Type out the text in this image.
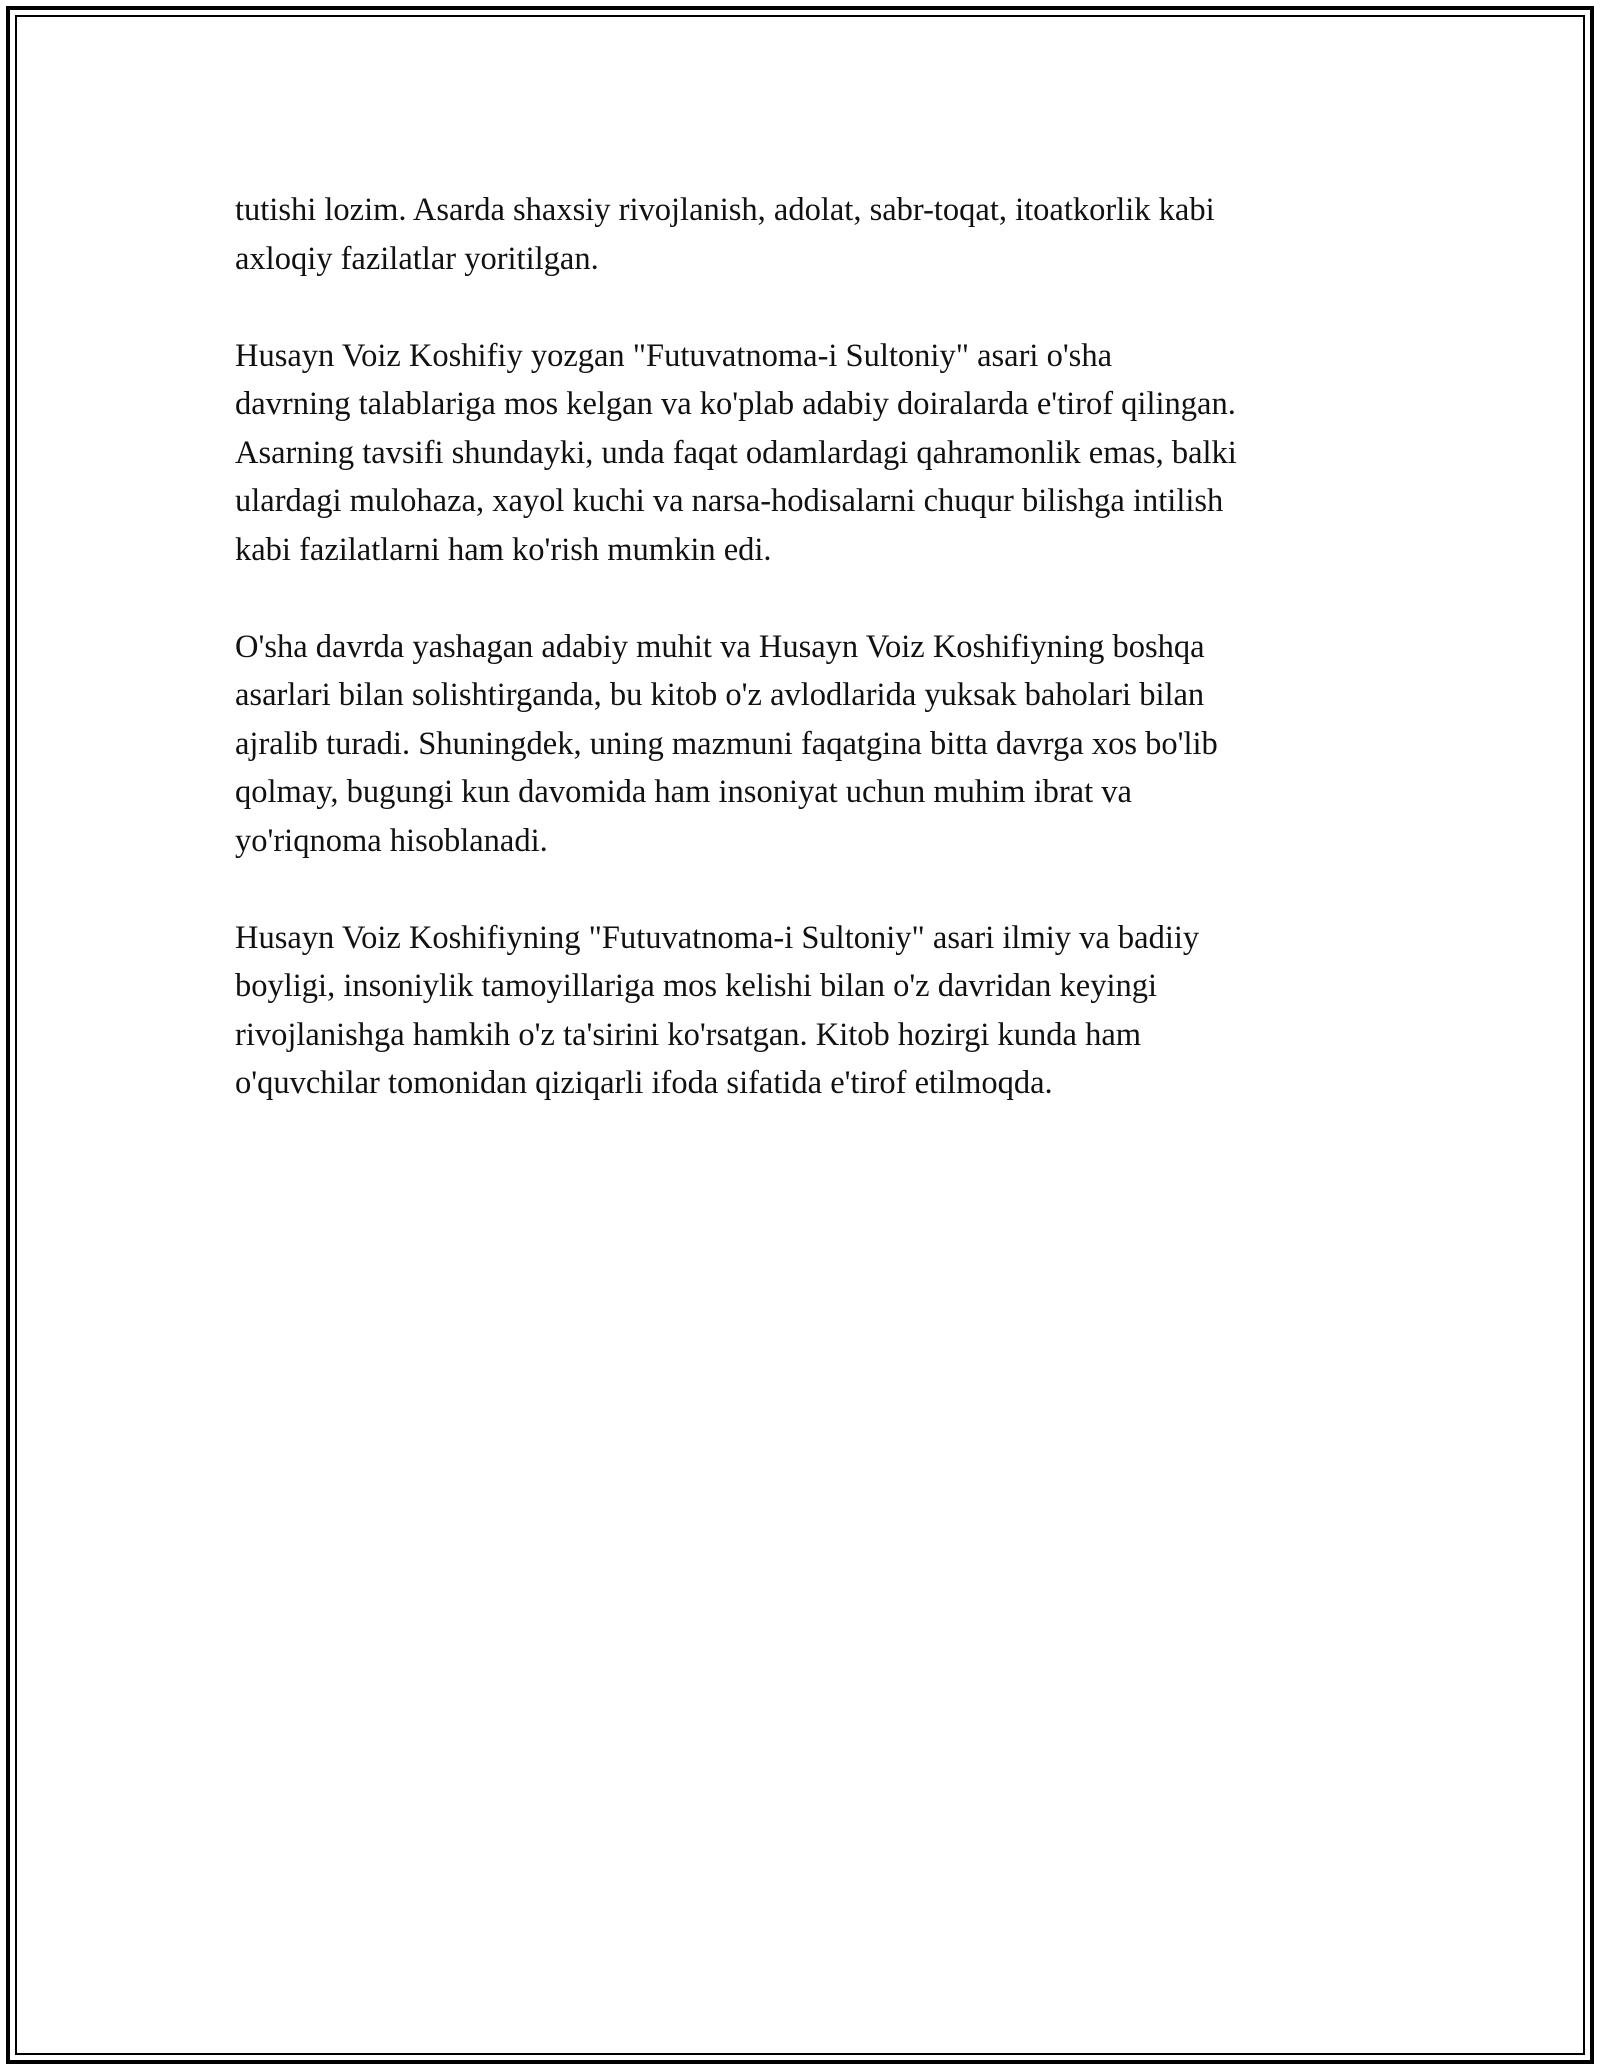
tutishi lozim. Asarda shaxsiy rivojlanish, adolat, sabr-toqat, itoatkorlik kabi
axloqiy fazilatlar yoritilgan.

Husayn Voiz Koshifiy yozgan "Futuvatnoma-i Sultoniy" asari o'sha
davrning talablariga mos kelgan va ko'plab adabiy doiralarda e'tirof qilingan.
Asarning tavsifi shundayki, unda faqat odamlardagi qahramonlik emas, balki
ulardagi mulohaza, xayol kuchi va narsa-hodisalarni chuqur bilishga intilish
kabi fazilatlarni ham ko'rish mumkin edi.

O'sha davrda yashagan adabiy muhit va Husayn Voiz Koshifiyning boshqa
asarlari bilan solishtirganda, bu kitob o'z avlodlarida yuksak baholari bilan
ajralib turadi. Shuningdek, uning mazmuni faqatgina bitta davrga xos bo'lib
qolmay, bugungi kun davomida ham insoniyat uchun muhim ibrat va
yo'riqnoma hisoblanadi.

Husayn Voiz Koshifiyning "Futuvatnoma-i Sultoniy" asari ilmiy va badiiy
boyligi, insoniylik tamoyillariga mos kelishi bilan o'z davridan keyingi
rivojlanishga hamkih o'z ta'sirini ko'rsatgan. Kitob hozirgi kunda ham
o'quvchilar tomonidan qiziqarli ifoda sifatida e'tirof etilmoqda.
